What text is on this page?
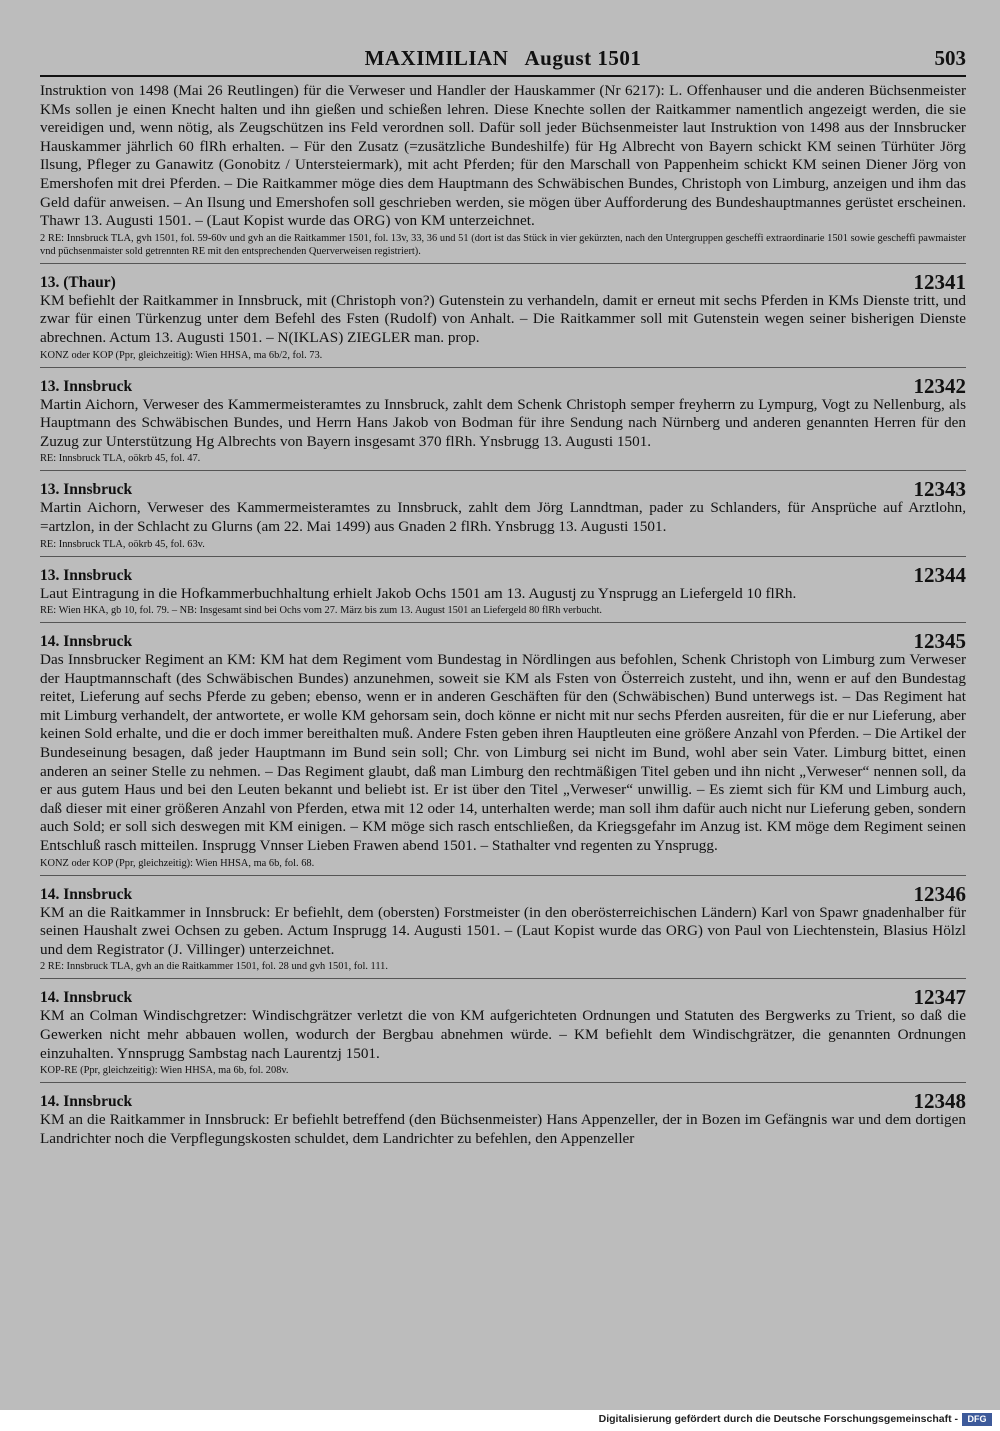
MAXIMILIAN   August 1501	503

Instruktion von 1498 (Mai 26 Reutlingen) für die Verweser und Handler der Hauskammer (Nr 6217): L. Offenhauser und die anderen Büchsenmeister KMs sollen je einen Knecht halten und ihn gießen und schießen lehren. Diese Knechte sollen der Raitkammer namentlich angezeigt werden, die sie vereidigen und, wenn nötig, als Zeugschützen ins Feld verordnen soll. Dafür soll jeder Büchsenmeister laut Instruktion von 1498 aus der Innsbrucker Hauskammer jährlich 60 flRh erhalten. – Für den Zusatz (=zusätzliche Bundeshilfe) für Hg Albrecht von Bayern schickt KM seinen Türhüter Jörg Ilsung, Pfleger zu Ganawitz (Gonobitz / Untersteiermark), mit acht Pferden; für den Marschall von Pappenheim schickt KM seinen Diener Jörg von Emershofen mit drei Pferden. – Die Raitkammer möge dies dem Hauptmann des Schwäbischen Bundes, Christoph von Limburg, anzeigen und ihm das Geld dafür anweisen. – An Ilsung und Emershofen soll geschrieben werden, sie mögen über Aufforderung des Bundeshauptmannes gerüstet erscheinen. Thawr 13. Augusti 1501. – (Laut Kopist wurde das ORG) von KM unterzeichnet.

2 RE: Innsbruck TLA, gvh 1501, fol. 59-60v und gvh an die Raitkammer 1501, fol. 13v, 33, 36 und 51 (dort ist das Stück in vier gekürzten, nach den Untergruppen gescheffi extraordinarie 1501 sowie gescheffi pawmaister vnd püchsenmaister sold getrennten RE mit den entsprechenden Querverweisen registriert).

13. (Thaur)	12341

KM befiehlt der Raitkammer in Innsbruck, mit (Christoph von?) Gutenstein zu verhandeln, damit er erneut mit sechs Pferden in KMs Dienste tritt, und zwar für einen Türkenzug unter dem Befehl des Fsten (Rudolf) von Anhalt. – Die Raitkammer soll mit Gutenstein wegen seiner bisherigen Dienste abrechnen. Actum 13. Augusti 1501. – N(IKLAS) ZIEGLER man. prop.

KONZ oder KOP (Ppr, gleichzeitig): Wien HHSA, ma 6b/2, fol. 73.

13. Innsbruck	12342

Martin Aichorn, Verweser des Kammermeisteramtes zu Innsbruck, zahlt dem Schenk Christoph semper freyherrn zu Lympurg, Vogt zu Nellenburg, als Hauptmann des Schwäbischen Bundes, und Herrn Hans Jakob von Bodman für ihre Sendung nach Nürnberg und anderen genannten Herren für den Zuzug zur Unterstützung Hg Albrechts von Bayern insgesamt 370 flRh. Ynsbrugg 13. Augusti 1501.

RE: Innsbruck TLA, oökrb 45, fol. 47.

13. Innsbruck	12343

Martin Aichorn, Verweser des Kammermeisteramtes zu Innsbruck, zahlt dem Jörg Lanndtman, pader zu Schlanders, für Ansprüche auf Arztlohn, =artzlon, in der Schlacht zu Glurns (am 22. Mai 1499) aus Gnaden 2 flRh. Ynsbrugg 13. Augusti 1501.

RE: Innsbruck TLA, oökrb 45, fol. 63v.

13. Innsbruck	12344

Laut Eintragung in die Hofkammerbuchhaltung erhielt Jakob Ochs 1501 am 13. Augustj zu Ynsprugg an Liefergeld 10 flRh.

RE: Wien HKA, gb 10, fol. 79. – NB: Insgesamt sind bei Ochs vom 27. März bis zum 13. August 1501 an Liefergeld 80 flRh verbucht.

14. Innsbruck	12345

Das Innsbrucker Regiment an KM: KM hat dem Regiment vom Bundestag in Nördlingen aus befohlen, Schenk Christoph von Limburg zum Verweser der Hauptmannschaft (des Schwäbischen Bundes) anzunehmen, soweit sie KM als Fsten von Österreich zusteht, und ihn, wenn er auf den Bundestag reitet, Lieferung auf sechs Pferde zu geben; ebenso, wenn er in anderen Geschäften für den (Schwäbischen) Bund unterwegs ist. – Das Regiment hat mit Limburg verhandelt, der antwortete, er wolle KM gehorsam sein, doch könne er nicht mit nur sechs Pferden ausreiten, für die er nur Lieferung, aber keinen Sold erhalte, und die er doch immer bereithalten muß. Andere Fsten geben ihren Hauptleuten eine größere Anzahl von Pferden. – Die Artikel der Bundeseinung besagen, daß jeder Hauptmann im Bund sein soll; Chr. von Limburg sei nicht im Bund, wohl aber sein Vater. Limburg bittet, einen anderen an seiner Stelle zu nehmen. – Das Regiment glaubt, daß man Limburg den rechtmäßigen Titel geben und ihn nicht „Verweser“ nennen soll, da er aus gutem Haus und bei den Leuten bekannt und beliebt ist. Er ist über den Titel „Verweser“ unwillig. – Es ziemt sich für KM und Limburg auch, daß dieser mit einer größeren Anzahl von Pferden, etwa mit 12 oder 14, unterhalten werde; man soll ihm dafür auch nicht nur Lieferung geben, sondern auch Sold; er soll sich deswegen mit KM einigen. – KM möge sich rasch entschließen, da Kriegsgefahr im Anzug ist. KM möge dem Regiment seinen Entschluß rasch mitteilen. Insprugg Vnnser Lieben Frawen abend 1501. – Stathalter vnd regenten zu Ynsprugg.

KONZ oder KOP (Ppr, gleichzeitig): Wien HHSA, ma 6b, fol. 68.

14. Innsbruck	12346

KM an die Raitkammer in Innsbruck: Er befiehlt, dem (obersten) Forstmeister (in den oberösterreichischen Ländern) Karl von Spawr gnadenhalber für seinen Haushalt zwei Ochsen zu geben. Actum Insprugg 14. Augusti 1501. – (Laut Kopist wurde das ORG) von Paul von Liechtenstein, Blasius Hölzl und dem Registrator (J. Villinger) unterzeichnet.

2 RE: Innsbruck TLA, gvh an die Raitkammer 1501, fol. 28 und gvh 1501, fol. 111.

14. Innsbruck	12347

KM an Colman Windischgretzer: Windischgrätzer verletzt die von KM aufgerichteten Ordnungen und Statuten des Bergwerks zu Trient, so daß die Gewerken nicht mehr abbauen wollen, wodurch der Bergbau abnehmen würde. – KM befiehlt dem Windischgrätzer, die genannten Ordnungen einzuhalten. Ynnsprugg Sambstag nach Laurentzj 1501.

KOP-RE (Ppr, gleichzeitig): Wien HHSA, ma 6b, fol. 208v.

14. Innsbruck	12348

KM an die Raitkammer in Innsbruck: Er befiehlt betreffend (den Büchsenmeister) Hans Appenzeller, der in Bozen im Gefängnis war und dem dortigen Landrichter noch die Verpflegungskosten schuldet, dem Landrichter zu befehlen, den Appenzeller

Digitalisierung gefördert durch die Deutsche Forschungsgemeinschaft -	DFG
